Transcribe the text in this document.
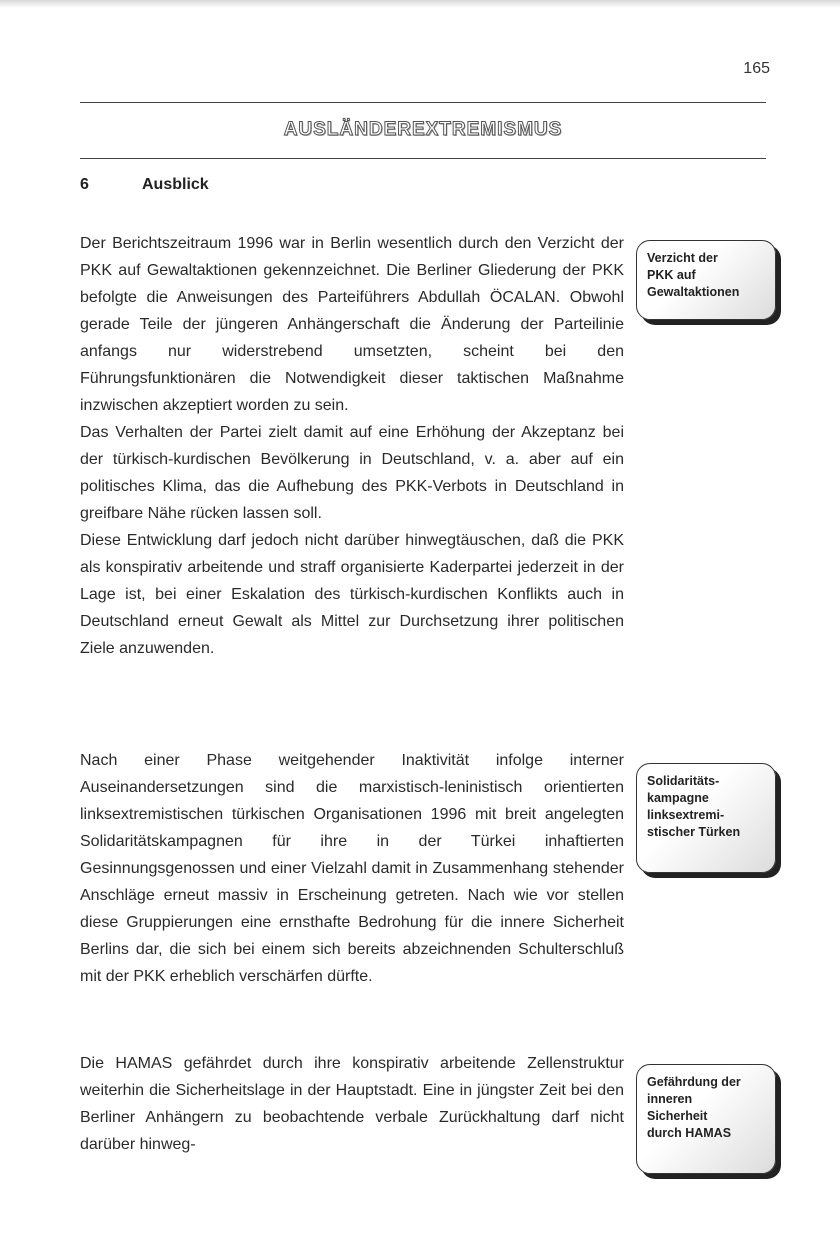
165
AUSLÄNDEREXTREMISMUS
6	Ausblick

Der Berichtszeitraum 1996 war in Berlin wesentlich durch den Verzicht der PKK auf Gewaltaktionen gekennzeichnet. Die Berliner Gliederung der PKK befolgte die Anweisungen des Parteiführers Abdullah ÖCALAN. Obwohl gerade Teile der jüngeren Anhängerschaft die Änderung der Parteilinie anfangs nur widerstrebend umsetzten, scheint bei den Führungsfunktionären die Notwendigkeit dieser taktischen Maßnahme inzwischen akzeptiert worden zu sein.

Das Verhalten der Partei zielt damit auf eine Erhöhung der Akzeptanz bei der türkisch-kurdischen Bevölkerung in Deutschland, v. a. aber auf ein politisches Klima, das die Aufhebung des PKK-Verbots in Deutschland in greifbare Nähe rücken lassen soll.

Diese Entwicklung darf jedoch nicht darüber hinwegtäuschen, daß die PKK als konspirativ arbeitende und straff organisierte Kaderpartei jederzeit in der Lage ist, bei einer Eskalation des türkisch-kurdischen Konflikts auch in Deutschland erneut Gewalt als Mittel zur Durchsetzung ihrer politischen Ziele anzuwenden.

Nach einer Phase weitgehender Inaktivität infolge interner Auseinandersetzungen sind die marxistisch-leninistisch orientierten linksextremistischen türkischen Organisationen 1996 mit breit angelegten Solidaritätskampagnen für ihre in der Türkei inhaftierten Gesinnungsgenossen und einer Vielzahl damit in Zusammenhang stehender Anschläge erneut massiv in Erscheinung getreten. Nach wie vor stellen diese Gruppierungen eine ernsthafte Bedrohung für die innere Sicherheit Berlins dar, die sich bei einem sich bereits abzeichnenden Schulterschluß mit der PKK erheblich verschärfen dürfte.

Die HAMAS gefährdet durch ihre konspirativ arbeitende Zellenstruktur weiterhin die Sicherheitslage in der Hauptstadt. Eine in jüngster Zeit bei den Berliner Anhängern zu beobachtende verbale Zurückhaltung darf nicht darüber hinweg-

Verzicht der
PKK auf
Gewaltaktionen
Solidaritäts-
kampagne
linksextremi-
stischer Türken
Gefährdung der
inneren
Sicherheit
durch HAMAS
